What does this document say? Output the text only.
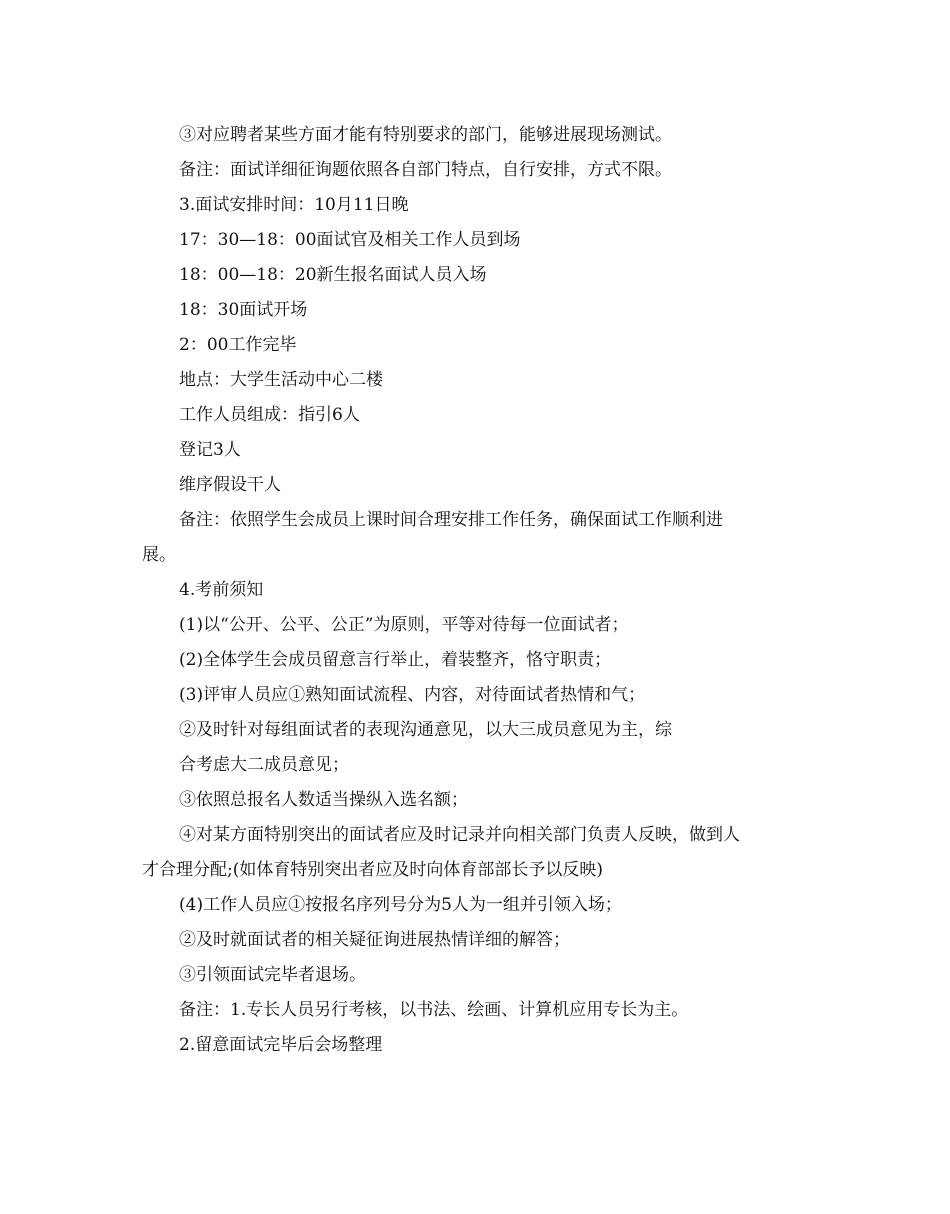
③对应聘者某些方面才能有特别要求的部门，能够进展现场测试。
备注：面试详细征询题依照各自部门特点，自行安排，方式不限。
3.面试安排时间：10月11日晚
17：30—18：00面试官及相关工作人员到场
18：00—18：20新生报名面试人员入场
18：30面试开场
2：00工作完毕
地点：大学生活动中心二楼
工作人员组成：指引6人
登记3人
维序假设干人
备注：依照学生会成员上课时间合理安排工作任务，确保面试工作顺利进
展。
4.考前须知
(1)以“公开、公平、公正”为原则，平等对待每一位面试者；
(2)全体学生会成员留意言行举止，着装整齐，恪守职责；
(3)评审人员应①熟知面试流程、内容，对待面试者热情和气；
②及时针对每组面试者的表现沟通意见，以大三成员意见为主，综
合考虑大二成员意见；
③依照总报名人数适当操纵入选名额；
④对某方面特别突出的面试者应及时记录并向相关部门负责人反映，做到人
才合理分配;(如体育特别突出者应及时向体育部部长予以反映)
(4)工作人员应①按报名序列号分为5人为一组并引领入场；
②及时就面试者的相关疑征询进展热情详细的解答；
③引领面试完毕者退场。
备注：1.专长人员另行考核，以书法、绘画、计算机应用专长为主。
2.留意面试完毕后会场整理
